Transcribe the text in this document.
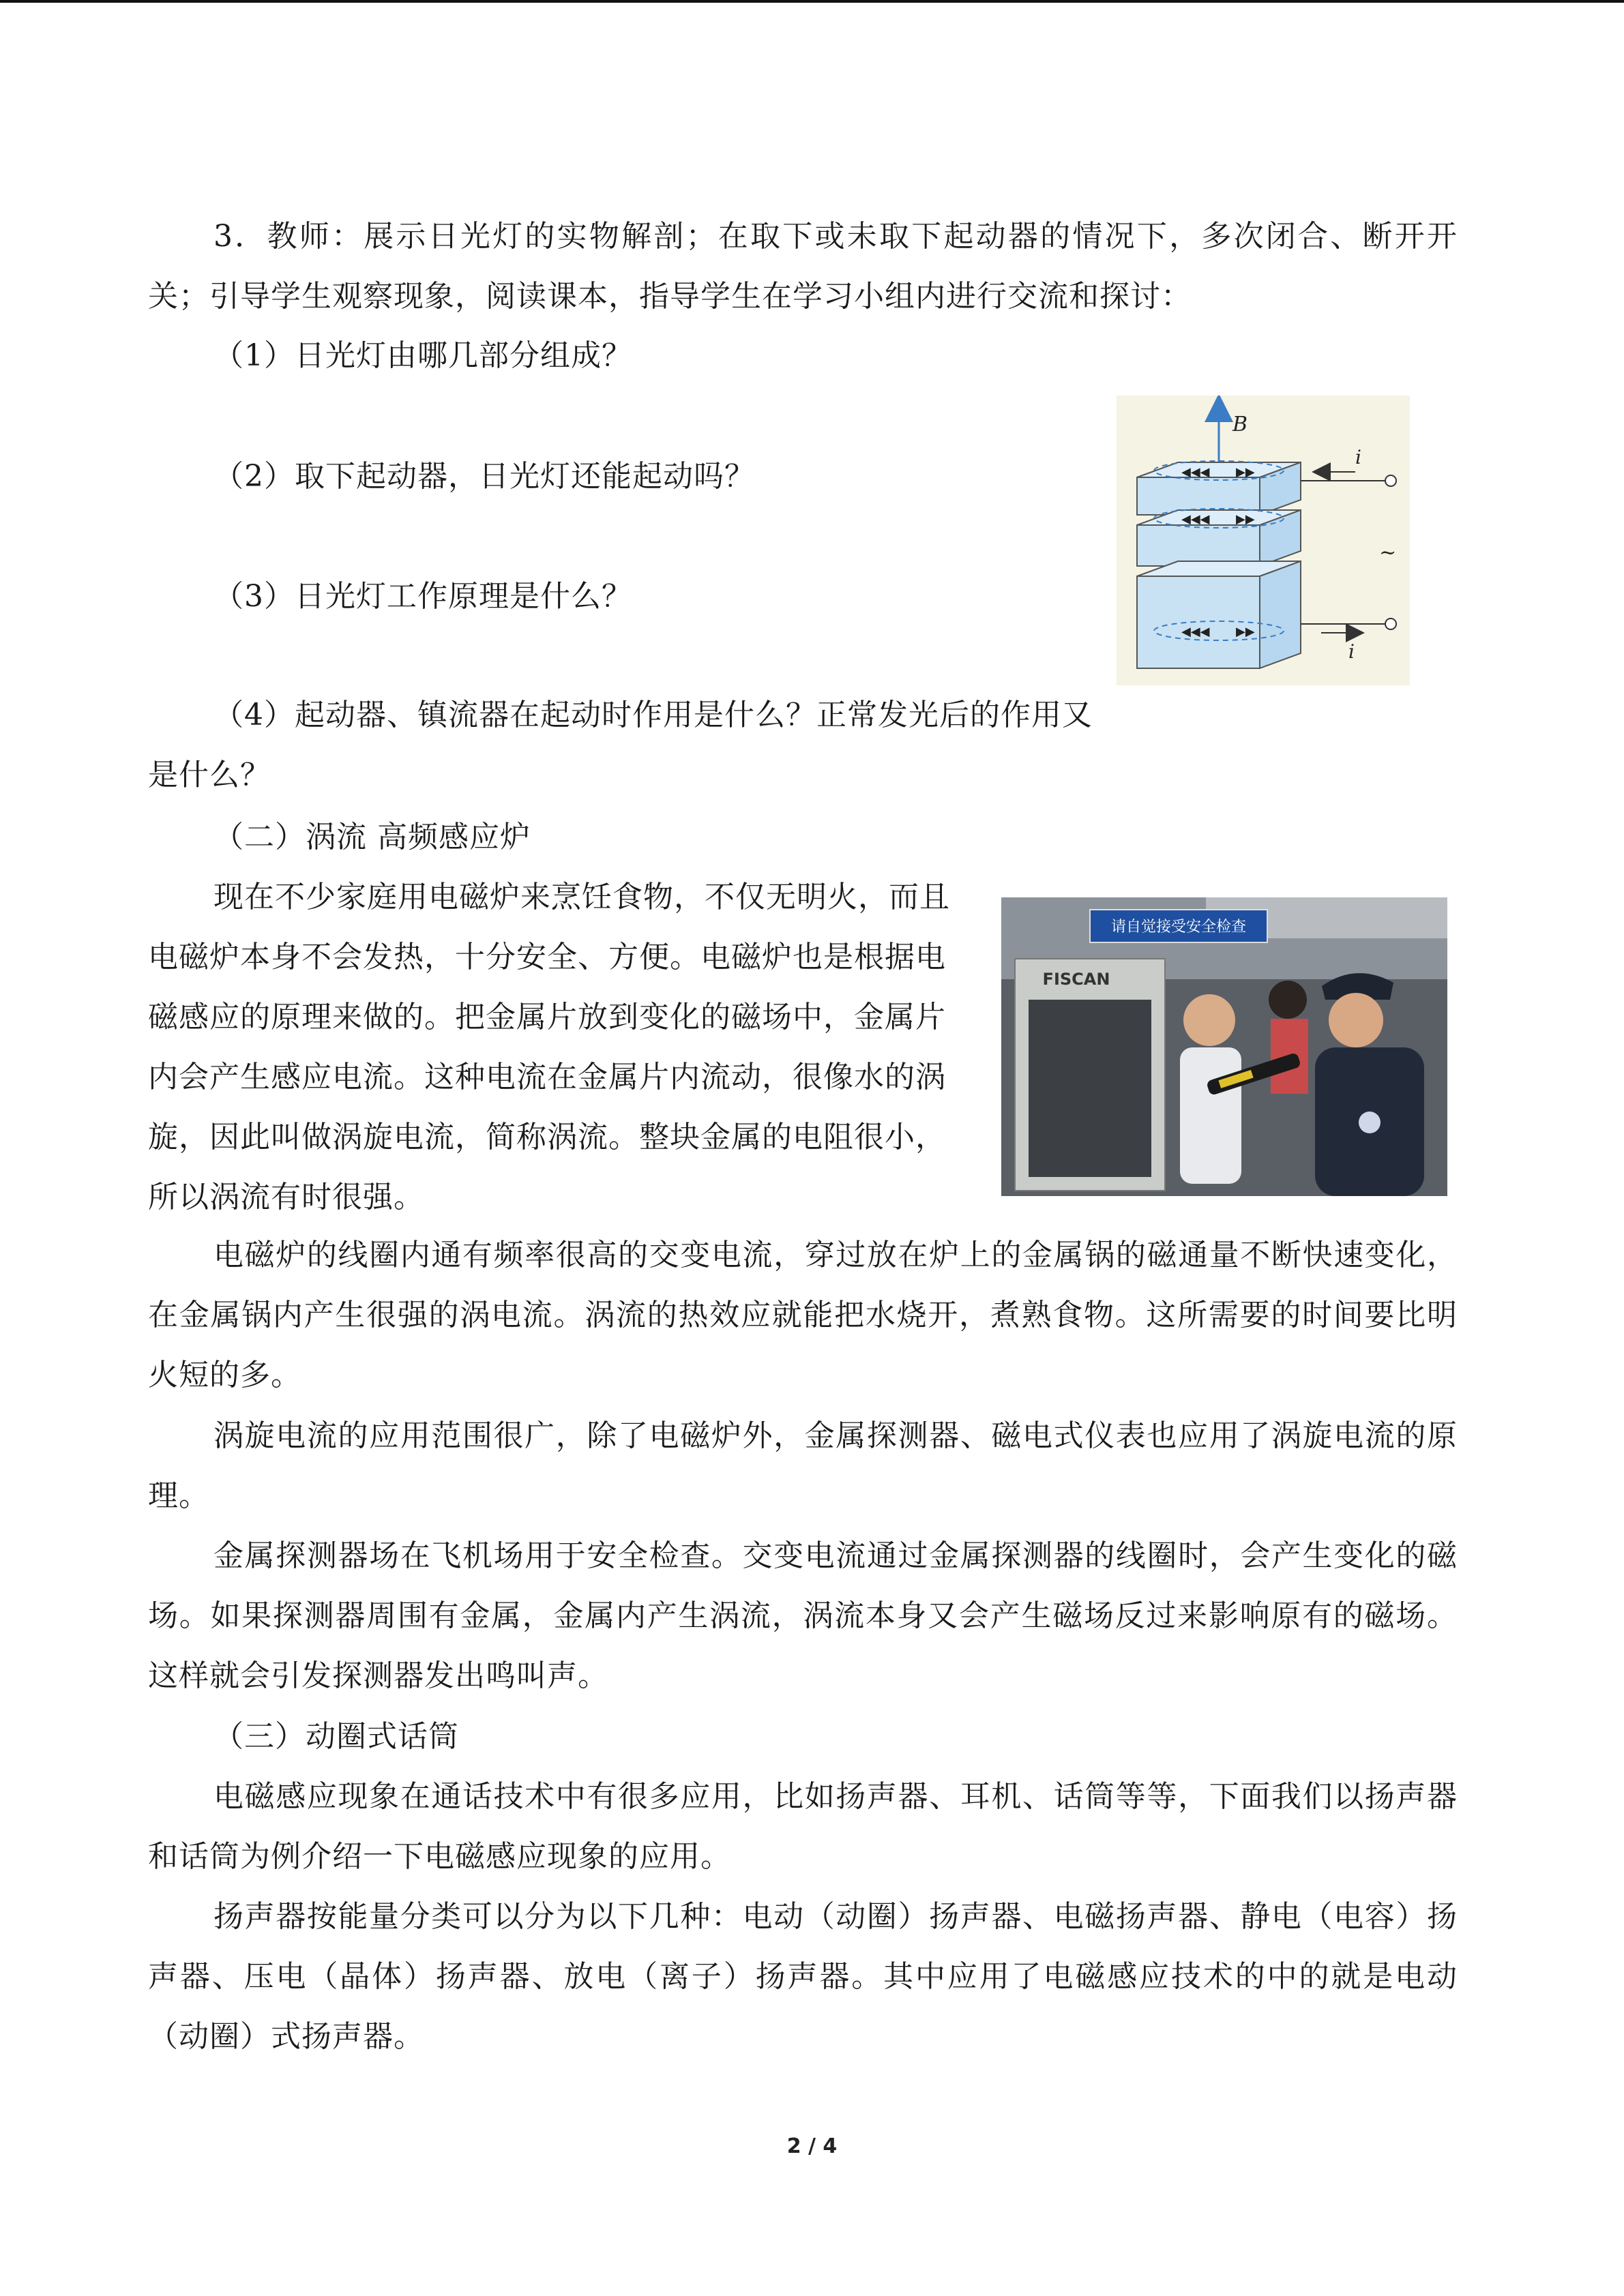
3．教师：展示日光灯的实物解剖；在取下或未取下起动器的情况下，多次闭合、断开开关；引导学生观察现象，阅读课本，指导学生在学习小组内进行交流和探讨：

（1）日光灯由哪几部分组成？

（2）取下起动器，日光灯还能起动吗？

（3）日光灯工作原理是什么？

（4）起动器、镇流器在起动时作用是什么？正常发光后的作用又是什么？

B
◀◀◀ ▶▶
◀◀◀ ▶▶
◀◀◀ ▶▶
i
~
i

（二）涡流 高频感应炉

现在不少家庭用电磁炉来烹饪食物，不仅无明火，而且电磁炉本身不会发热，十分安全、方便。电磁炉也是根据电磁感应的原理来做的。把金属片放到变化的磁场中，金属片内会产生感应电流。这种电流在金属片内流动，很像水的涡旋，因此叫做涡旋电流，简称涡流。整块金属的电阻很小，所以涡流有时很强。

请自觉接受安全检查
FISCAN

电磁炉的线圈内通有频率很高的交变电流，穿过放在炉上的金属锅的磁通量不断快速变化，在金属锅内产生很强的涡电流。涡流的热效应就能把水烧开，煮熟食物。这所需要的时间要比明火短的多。

涡旋电流的应用范围很广，除了电磁炉外，金属探测器、磁电式仪表也应用了涡旋电流的原理。

金属探测器场在飞机场用于安全检查。交变电流通过金属探测器的线圈时，会产生变化的磁场。如果探测器周围有金属，金属内产生涡流，涡流本身又会产生磁场反过来影响原有的磁场。这样就会引发探测器发出鸣叫声。

（三）动圈式话筒

电磁感应现象在通话技术中有很多应用，比如扬声器、耳机、话筒等等，下面我们以扬声器和话筒为例介绍一下电磁感应现象的应用。

扬声器按能量分类可以分为以下几种：电动（动圈）扬声器、电磁扬声器、静电（电容）扬声器、压电（晶体）扬声器、放电（离子）扬声器。其中应用了电磁感应技术的中的就是电动（动圈）式扬声器。

2 / 4
